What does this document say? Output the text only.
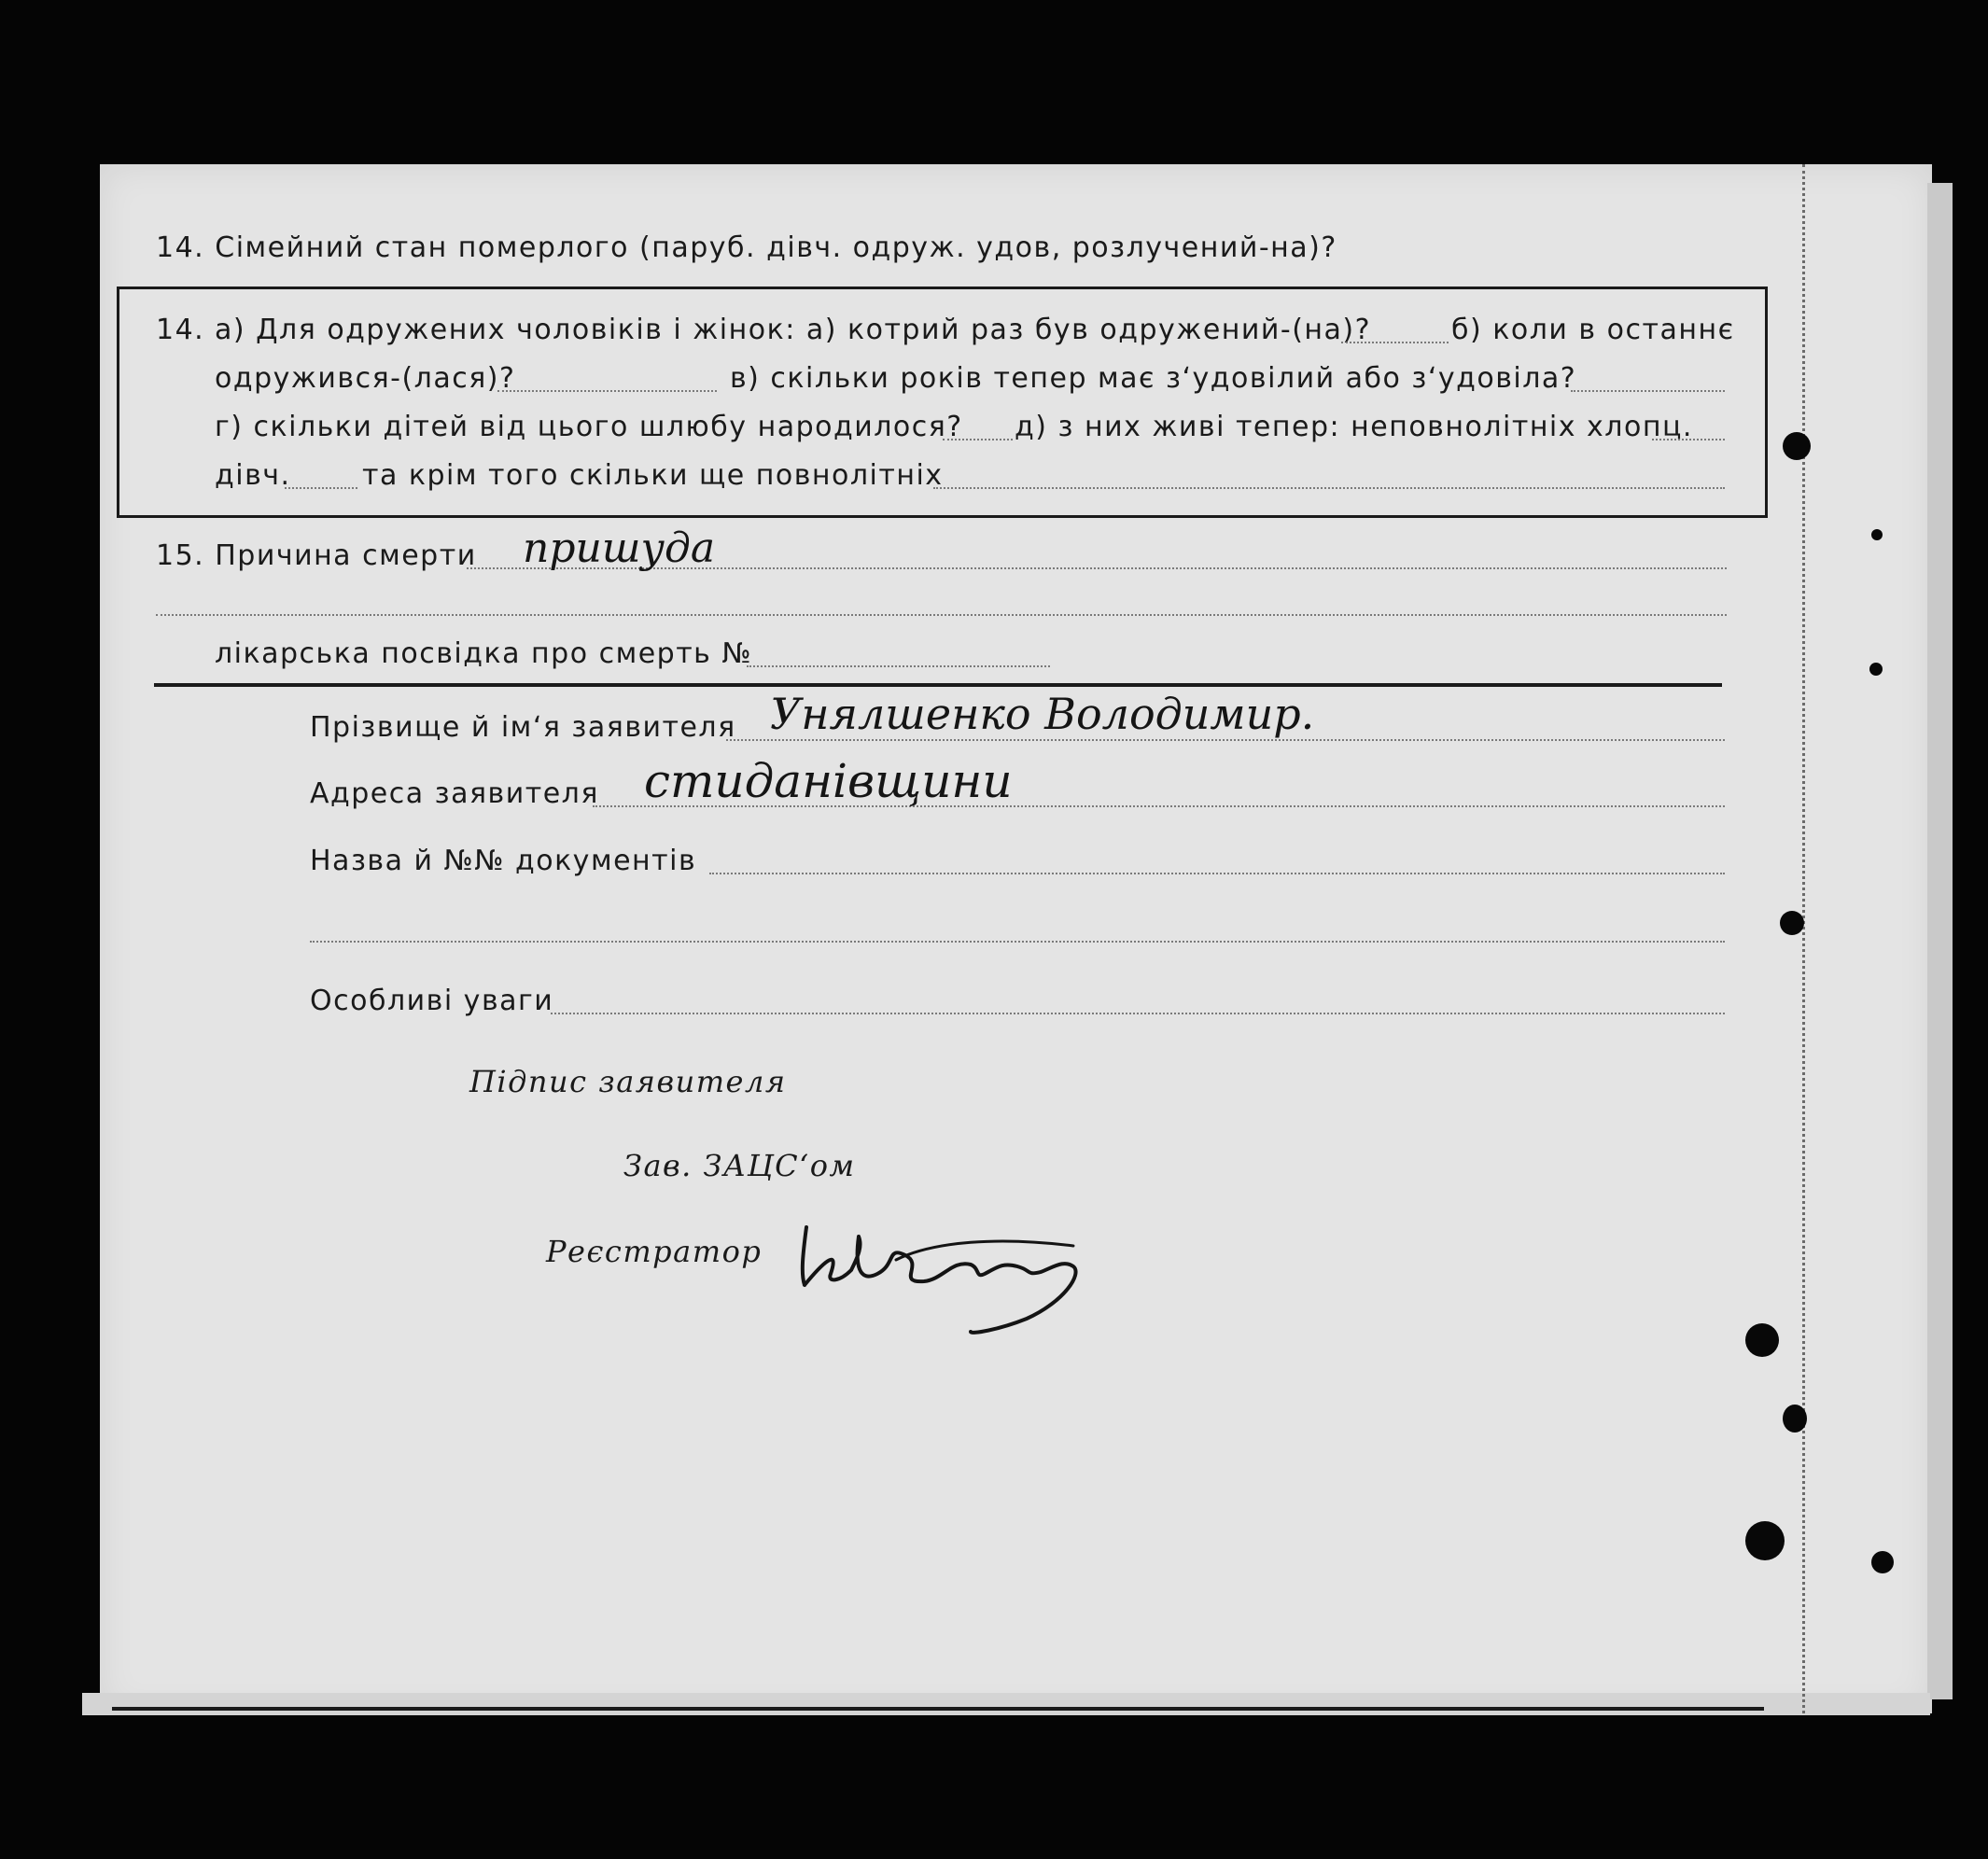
14. Сімейний стан померлого (паруб. дівч. одруж. удов, розлучений-на)?
14. а) Для одружених чоловіків і жінок: а) котрий раз був одружений-(на)?	б) коли в останнє
одружився-(лася)?	в) скільки років тепер має з‘удовілий або з‘удовіла?
г) скільки дітей від цього шлюбу народилося? д) з них живі тепер: неповнолітніх хлопц.
дівч.	та крім того скільки ще повнолітніх
15. Причина смерти пришуда
лікарська посвідка про смерть №
Прізвище й ім‘я заявителя Унялшенко Володимир.
Адреса заявителя стиданівщини
Назва й №№ документів
Особливі уваги
Підпис заявителя
Зав. ЗАЦС‘ом
Реєстратор
